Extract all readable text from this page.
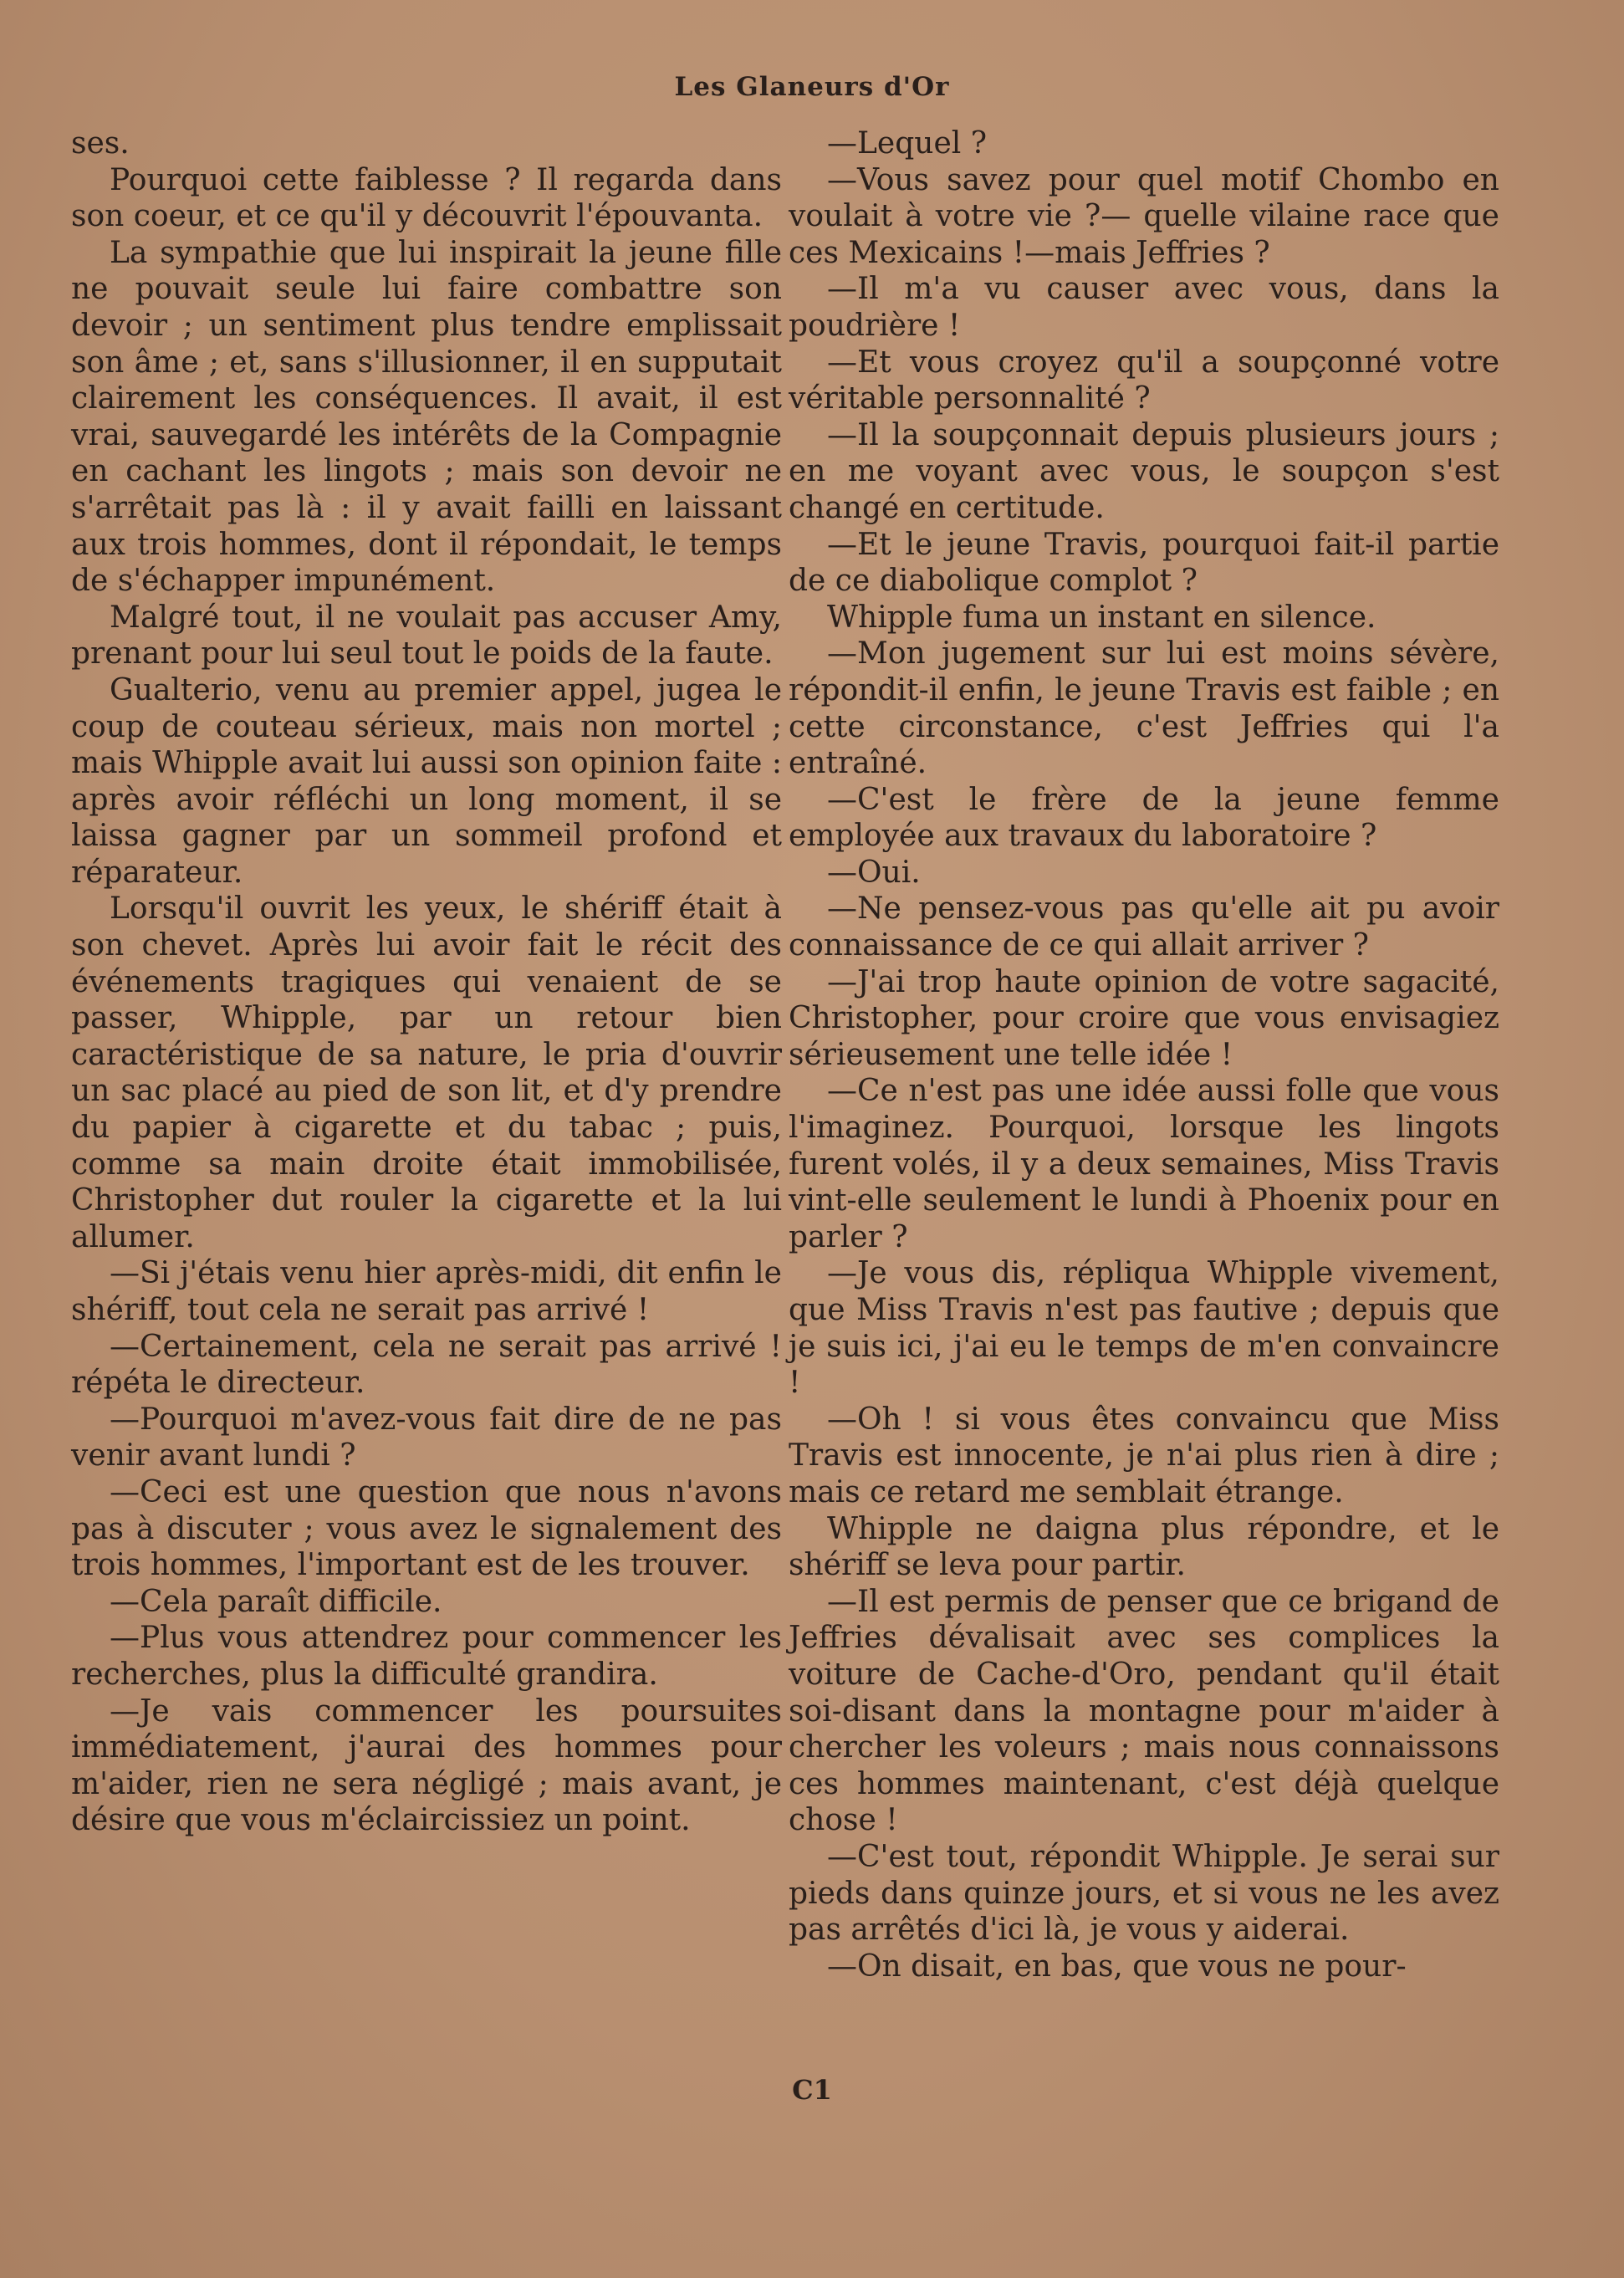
Les Glaneurs d'Or

ses.

Pourquoi cette faiblesse ? Il regarda dans son coeur, et ce qu'il y découvrit l'épouvanta.

La sympathie que lui inspirait la jeune fille ne pouvait seule lui faire combattre son devoir ; un sentiment plus tendre emplissait son âme ; et, sans s'illusionner, il en supputait clairement les conséquences. Il avait, il est vrai, sauvegardé les intérêts de la Compagnie en cachant les lingots ; mais son devoir ne s'arrêtait pas là : il y avait failli en laissant aux trois hommes, dont il répondait, le temps de s'échapper impunément.

Malgré tout, il ne voulait pas accuser Amy, prenant pour lui seul tout le poids de la faute.

Gualterio, venu au premier appel, jugea le coup de couteau sérieux, mais non mortel ; mais Whipple avait lui aussi son opinion faite : après avoir réfléchi un long moment, il se laissa gagner par un sommeil profond et réparateur.

Lorsqu'il ouvrit les yeux, le shériff était à son chevet. Après lui avoir fait le récit des événements tragiques qui venaient de se passer, Whipple, par un retour bien caractéristique de sa nature, le pria d'ouvrir un sac placé au pied de son lit, et d'y prendre du papier à cigarette et du tabac ; puis, comme sa main droite était immobilisée, Christopher dut rouler la cigarette et la lui allumer.

—Si j'étais venu hier après-midi, dit enfin le shériff, tout cela ne serait pas arrivé !

—Certainement, cela ne serait pas arrivé ! répéta le directeur.

—Pourquoi m'avez-vous fait dire de ne pas venir avant lundi ?

—Ceci est une question que nous n'avons pas à discuter ; vous avez le signalement des trois hommes, l'important est de les trouver.

—Cela paraît difficile.

—Plus vous attendrez pour commencer les recherches, plus la difficulté grandira.

—Je vais commencer les poursuites immédiatement, j'aurai des hommes pour m'aider, rien ne sera négligé ; mais avant, je désire que vous m'éclaircissiez un point.

—Lequel ?

—Vous savez pour quel motif Chombo en voulait à votre vie ?— quelle vilaine race que ces Mexicains !—mais Jeffries ?

—Il m'a vu causer avec vous, dans la poudrière !

—Et vous croyez qu'il a soupçonné votre véritable personnalité ?

—Il la soupçonnait depuis plusieurs jours ; en me voyant avec vous, le soupçon s'est changé en certitude.

—Et le jeune Travis, pourquoi fait-il partie de ce diabolique complot ?

Whipple fuma un instant en silence.

—Mon jugement sur lui est moins sévère, répondit-il enfin, le jeune Travis est faible ; en cette circonstance, c'est Jeffries qui l'a entraîné.

—C'est le frère de la jeune femme employée aux travaux du laboratoire ?

—Oui.

—Ne pensez-vous pas qu'elle ait pu avoir connaissance de ce qui allait arriver ?

—J'ai trop haute opinion de votre sagacité, Christopher, pour croire que vous envisagiez sérieusement une telle idée !

—Ce n'est pas une idée aussi folle que vous l'imaginez. Pourquoi, lorsque les lingots furent volés, il y a deux semaines, Miss Travis vint-elle seulement le lundi à Phoenix pour en parler ?

—Je vous dis, répliqua Whipple vivement, que Miss Travis n'est pas fautive ; depuis que je suis ici, j'ai eu le temps de m'en convaincre !

—Oh ! si vous êtes convaincu que Miss Travis est innocente, je n'ai plus rien à dire ; mais ce retard me semblait étrange.

Whipple ne daigna plus répondre, et le shériff se leva pour partir.

—Il est permis de penser que ce brigand de Jeffries dévalisait avec ses complices la voiture de Cache-d'Oro, pendant qu'il était soi-disant dans la montagne pour m'aider à chercher les voleurs ; mais nous connaissons ces hommes maintenant, c'est déjà quelque chose !

—C'est tout, répondit Whipple. Je serai sur pieds dans quinze jours, et si vous ne les avez pas arrêtés d'ici là, je vous y aiderai.

—On disait, en bas, que vous ne pour-

C1
